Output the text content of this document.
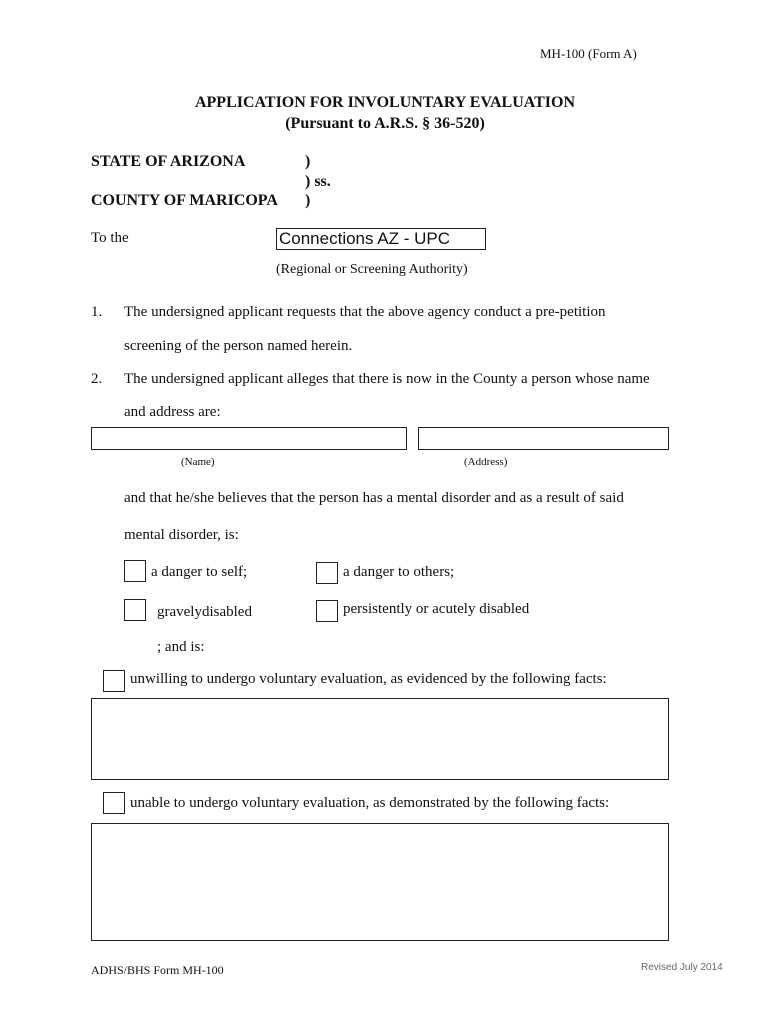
MH-100 (Form A)
APPLICATION FOR INVOLUNTARY EVALUATION
(Pursuant to A.R.S. § 36-520)
STATE OF ARIZONA	)
) ss.
COUNTY OF MARICOPA )
To the	Connections AZ - UPC
(Regional or Screening Authority)
1. The undersigned applicant requests that the above agency conduct a pre-petition
screening of the person named herein.
2. The undersigned applicant alleges that there is now in the County a person whose name
and address are:
(Name)	(Address)
and that he/she believes that the person has a mental disorder and as a result of said
mental disorder, is:
a danger to self;	a danger to others;
gravelydisabled	persistently or acutely disabled
; and is:
unwilling to undergo voluntary evaluation, as evidenced by the following facts:
unable to undergo voluntary evaluation, as demonstrated by the following facts:
ADHS/BHS Form MH-100	Revised July 2014
